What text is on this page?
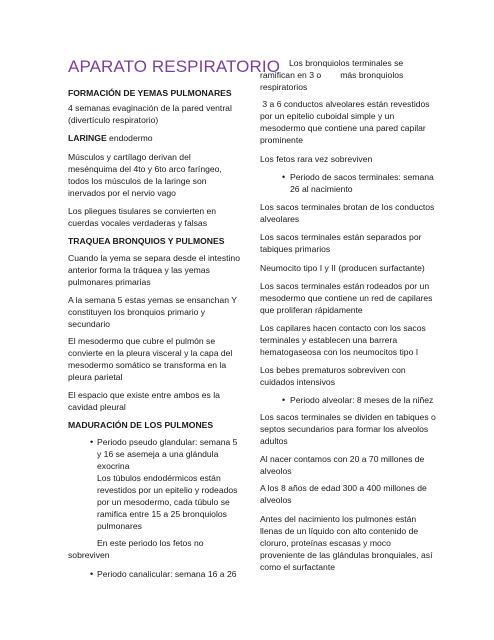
APARATO RESPIRATORIO
FORMACIÓN DE YEMAS PULMONARES
4 semanas evaginación de la pared ventral
(divertículo respiratorio)
LARINGE endodermo
Músculos y cartílago derivan del
mesénquima del 4to y 6to arco faríngeo,
todos los músculos de la laringe son
inervados por el nervio vago
Los pliegues tisulares se convierten en
cuerdas vocales verdaderas y falsas
TRAQUEA BRONQUIOS Y PULMONES
Cuando la yema se separa desde el intestino
anterior forma la tráquea y las yemas
pulmonares primarias
A la semana 5 estas yemas se ensanchan Y
constituyen los bronquios primario y
secundario
El mesodermo que cubre el pulmón se
convierte en la pleura visceral y la capa del
mesodermo somático se transforma en la
pleura parietal
El espacio que existe entre ambos es la
cavidad pleural
MADURACIÓN DE LOS PULMONES
•
Periodo pseudo glandular: semana 5
y 16 se asemeja a una glándula
exocrina
Los túbulos endodérmicos están
revestidos por un epitelio y rodeados
por un mesodermo, cada túbulo se
ramifica entre 15 a 25 bronquiolos
pulmonares
En este periodo los fetos no
sobreviven
•
Periodo canalicular: semana 16 a 26
Los bronquiolos terminales se
ramifican en 3 o        más bronquiolos
respiratorios
3 a 6 conductos alveolares están revestidos
por un epitelio cuboidal simple y un
mesodermo que contiene una pared capilar
prominente
Los fetos rara vez sobreviven
•
Periodo de sacos terminales: semana
26 al nacimiento
Los sacos terminales brotan de los conductos
alveolares
Los sacos terminales están separados por
tabiques primarios
Neumocito tipo I y II (producen surfactante)
Los sacos terminales están rodeados por un
mesodermo que contiene un red de capilares
que proliferan rápidamente
Los capilares hacen contacto con los sacos
terminales y establecen una barrera
hematogaseosa con los neumocitos tipo I
Los bebes prematuros sobreviven con
cuidados intensivos
•
Periodo alveolar: 8 meses de la niñez
Los sacos terminales se dividen en tabiques o
septos secundarios para formar los alveolos
adultos
Al nacer contamos con 20 a 70 millones de
alveolos
A los 8 años de edad 300 a 400 millones de
alveolos
Antes del nacimiento los pulmones están
llenas de un líquido con alto contenido de
cloruro, proteínas escasas y moco
proveniente de las glándulas bronquiales, así
como el surfactante
